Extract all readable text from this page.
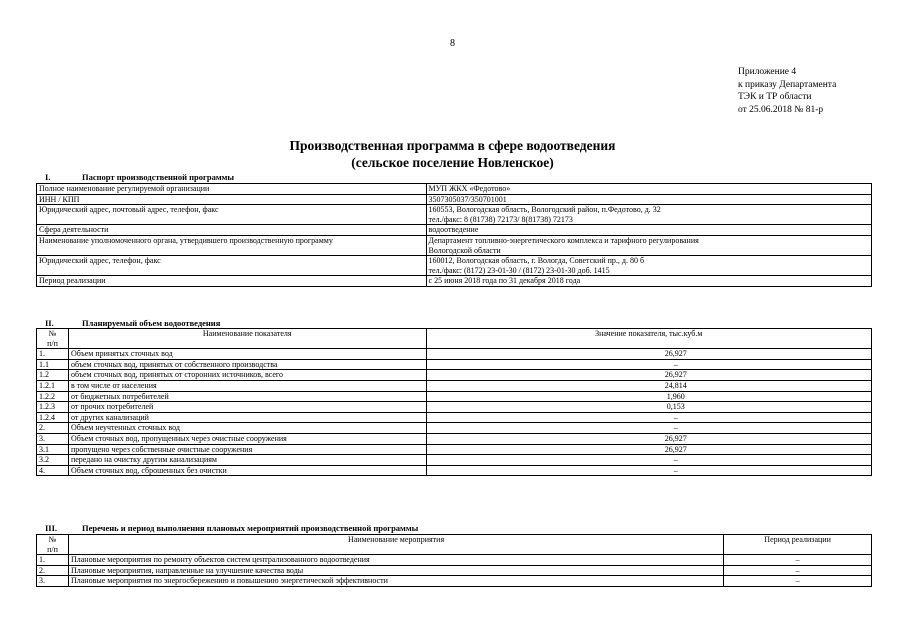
8
Приложение 4
к приказу Департамента
ТЭК и ТР области
от 25.06.2018 № 81-р
Производственная программа в сфере водоотведения
(сельское поселение Новленское)
I.	Паспорт производственной программы
Полное наименование регулируемой организации	МУП ЖКХ «Федотово»

ИНН / КПП	3507305037/350701001

Юридический адрес, почтовый адрес, телефон, факс	160553, Вологодская область, Вологодский район, п.Федотово, д. 32
тел./факс: 8 (81738) 72173/ 8(81738) 72173

Сфера деятельности	водоотведение

Наименование уполномоченного органа, утвердившего производственную программу	Департамент топливно-энергетического комплекса и тарифного регулирования
Вологодской области

Юридический адрес, телефон, факс	160012, Вологодская область, г. Вологда, Советский пр., д. 80 б
тел./факс: (8172) 23-01-30 / (8172) 23-01-30 доб. 1415

Период реализации	с 25 июня 2018 года по 31 декабря 2018 года
II.	Планируемый объем водоотведения
№
п/п	Наименование показателя	Значение показателя, тыс.куб.м
1.	Объем принятых сточных вод	26,927
1.1	объем сточных вод, принятых от собственного производства	–
1.2	объем сточных вод, принятых от сторонних источников, всего	26,927
1.2.1	в том числе от населения	24,814
1.2.2	от бюджетных потребителей	1,960
1.2.3	от прочих потребителей	0,153
1.2.4	от других канализаций	–
2.	Объем неучтенных сточных вод	–
3.	Объем сточных вод, пропущенных через очистные сооружения	26,927
3.1	пропущено через собственные очистные сооружения	26,927
3.2	передано на очистку другим канализациям	–
4.	Объем сточных вод, сброшенных без очистки	–
III.	Перечень и период выполнения плановых мероприятий производственной программы
№
п/п	Наименование мероприятия	Период реализации
1.	Плановые мероприятия по ремонту объектов систем централизованного водоотведения	–
2.	Плановые мероприятия, направленные на улучшение качества воды	–
3.	Плановые мероприятия по энергосбережению и повышению энергетической эффективности	–
